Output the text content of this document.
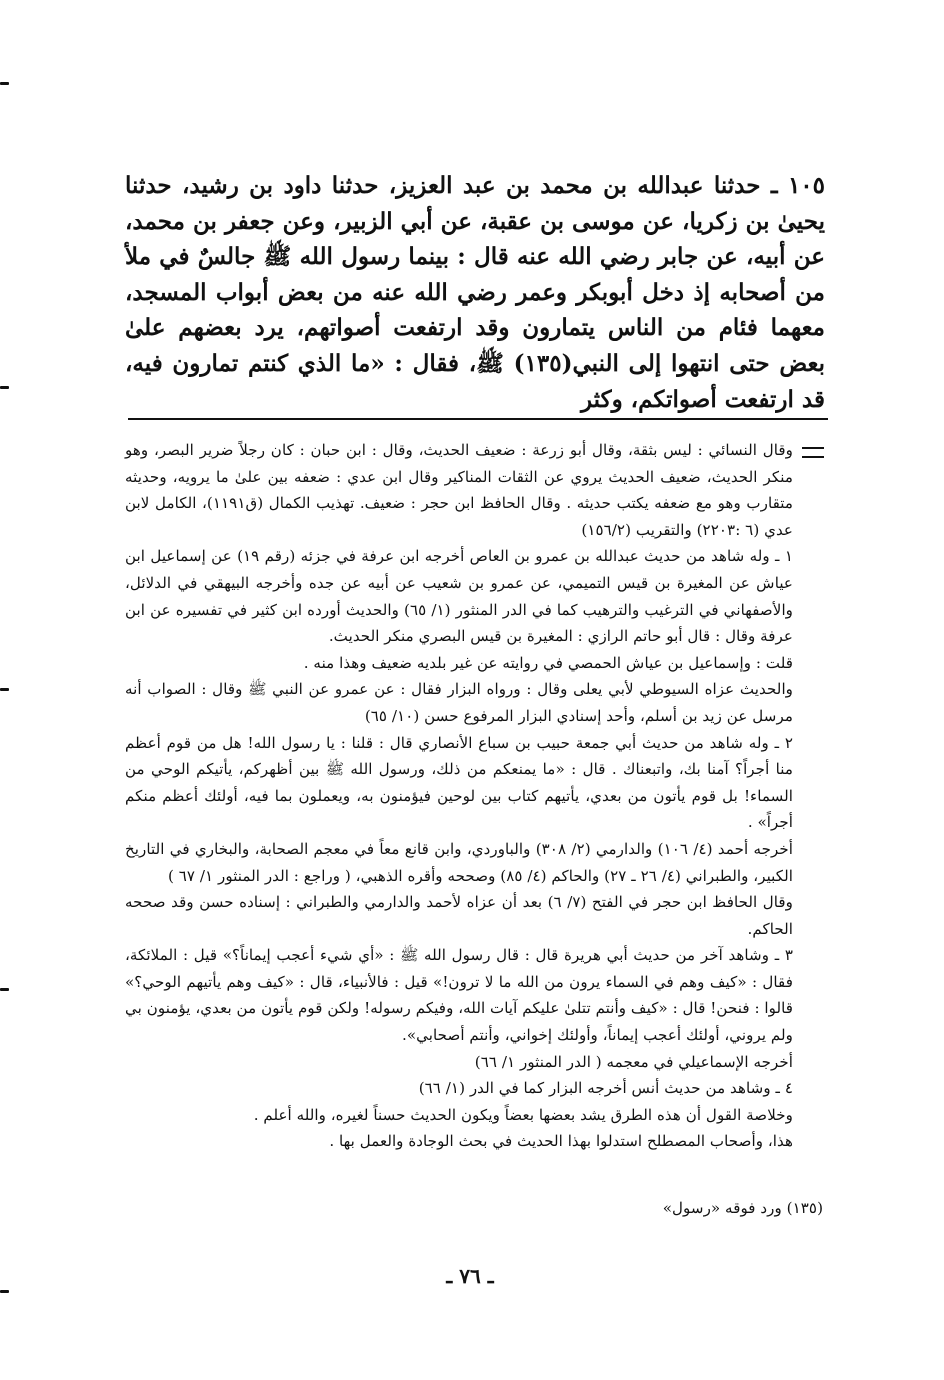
١٠٥ ـ حدثنا عبدالله بن محمد بن عبد العزيز، حدثنا داود بن رشيد، حدثنا يحيىٰ بن زكريا، عن موسى بن عقبة، عن أبي الزبير، وعن جعفر بن محمد، عن أبيه، عن جابر رضي الله عنه قال : بينما رسول الله ﷺ جالسٌ في ملأ من أصحابه إذ دخل أبوبكر وعمر رضي الله عنه من بعض أبواب المسجد، معهما فئام من الناس يتمارون وقد ارتفعت أصواتهم، يرد بعضهم علىٰ بعض حتى انتهوا إلى النبي(١٣٥) ﷺ، فقال : «ما الذي كنتم تمارون فيه، قد ارتفعت أصواتكم، وكثر

وقال النسائي : ليس بثقة، وقال أبو زرعة : ضعيف الحديث، وقال : ابن حبان : كان رجلاً ضرير البصر، وهو منكر الحديث، ضعيف الحديث يروي عن الثقات المناكير وقال ابن عدي : ضعفه بين علىٰ ما يرويه، وحديثه متقارب وهو مع ضعفه يكتب حديثه . وقال الحافظ ابن حجر : ضعيف. تهذيب الكمال (ق١١٩١)، الكامل لابن عدي (٦ :٢٢٠٣) والتقريب (١٥٦/٢)

١ ـ وله شاهد من حديث عبدالله بن عمرو بن العاص أخرجه ابن عرفة في جزئه (رقم ١٩) عن إسماعيل ابن عياش عن المغيرة بن قيس التميمي، عن عمرو بن شعيب عن أبيه عن جده وأخرجه البيهقي في الدلائل، والأصفهاني في الترغيب والترهيب كما في الدر المنثور (١/ ٦٥) والحديث أورده ابن كثير في تفسيره عن ابن عرفة وقال : قال أبو حاتم الرازي : المغيرة بن قيس البصري منكر الحديث.

قلت : وإسماعيل بن عياش الحمصي في روايته عن غير بلديه ضعيف وهذا منه .

والحديث عزاه السيوطي لأبي يعلى وقال : ورواه البزار فقال : عن عمرو عن النبي ﷺ وقال : الصواب أنه مرسل عن زيد بن أسلم، وأحد إسنادي البزار المرفوع حسن (١٠/ ٦٥)

٢ ـ وله شاهد من حديث أبي جمعة حبيب بن سباع الأنصاري قال : قلنا : يا رسول الله! هل من قوم أعظم منا أجراً؟ آمنا بك، واتبعناك . قال : «ما يمنعكم من ذلك، ورسول الله ﷺ بين أظهركم، يأتيكم الوحي من السماء! بل قوم يأتون من بعدي، يأتيهم كتاب بين لوحين فيؤمنون به، ويعملون بما فيه، أولئك أعظم منكم أجراً» .

أخرجه أحمد (٤/ ١٠٦) والدارمي (٢/ ٣٠٨) والباوردي، وابن قانع معاً في معجم الصحابة، والبخاري في التاريخ الكبير، والطبراني (٤/ ٢٦ ـ ٢٧) والحاكم (٤/ ٨٥) وصححه وأقره الذهبي، ( وراجع : الدر المنثور ١/ ٦٧ )

وقال الحافظ ابن حجر في الفتح (٧/ ٦) بعد أن عزاه لأحمد والدارمي والطبراني : إسناده حسن وقد صححه الحاكم.

٣ ـ وشاهد آخر من حديث أبي هريرة قال : قال رسول الله ﷺ : «أي شيء أعجب إيماناً؟» قيل : الملائكة، فقال : «كيف وهم في السماء يرون من الله ما لا ترون!» قيل : فالأنبياء، قال : «كيف وهم يأتيهم الوحي؟» قالوا : فنحن! قال : «كيف وأنتم تتلىٰ عليكم آيات الله، وفيكم رسوله! ولكن قوم يأتون من بعدي، يؤمنون بي ولم يروني، أولئك أعجب إيماناً، وأولئك إخواني، وأنتم أصحابي».

أخرجه الإسماعيلي في معجمه ( الدر المنثور ١/ ٦٦)

٤ ـ وشاهد من حديث أنس أخرجه البزار كما في الدر (١/ ٦٦)

وخلاصة القول أن هذه الطرق يشد بعضها بعضاً ويكون الحديث حسناً لغيره، والله أعلم .

هذا، وأصحاب المصطلح استدلوا بهذا الحديث في بحث الوجادة والعمل بها .

(١٣٥) ورد فوقه «رسول»

ـ ٧٦ ـ
